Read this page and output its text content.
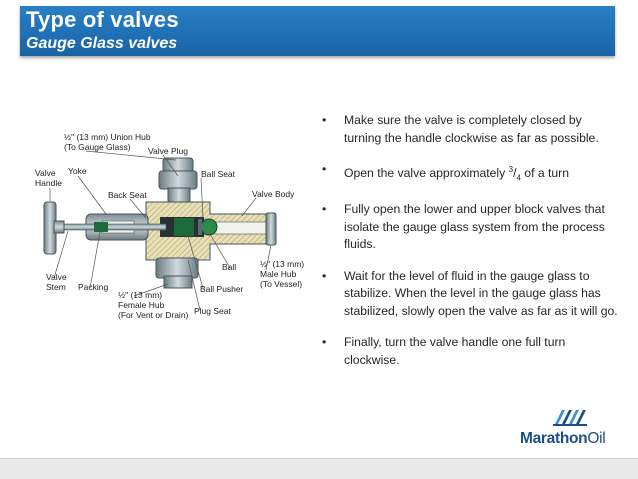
Type of valves
Gauge Glass valves
½" (13 mm) Union Hub
(To Gauge Glass)
Valve
Handle
Yoke
Valve Plug
Ball Seat
Back Seat	Valve Body
Ball	½" (13 mm)
Male Hub
(To Vessel)
Valve
Stem Packing
½" (13 mm)
Female Hub
(For Vent or Drain)
Ball Pusher
Plug Seat
• Make sure the valve is completely closed by turning the handle clockwise as far as possible.
• Open the valve approximately $^3/_4$ of a turn
• Fully open the lower and upper block valves that isolate the gauge glass system from the process fluids.
• Wait for the level of fluid in the gauge glass to stabilize. When the level in the gauge glass has stabilized, slowly open the valve as far as it will go.
• Finally, turn the valve handle one full turn clockwise.
MarathonOil
